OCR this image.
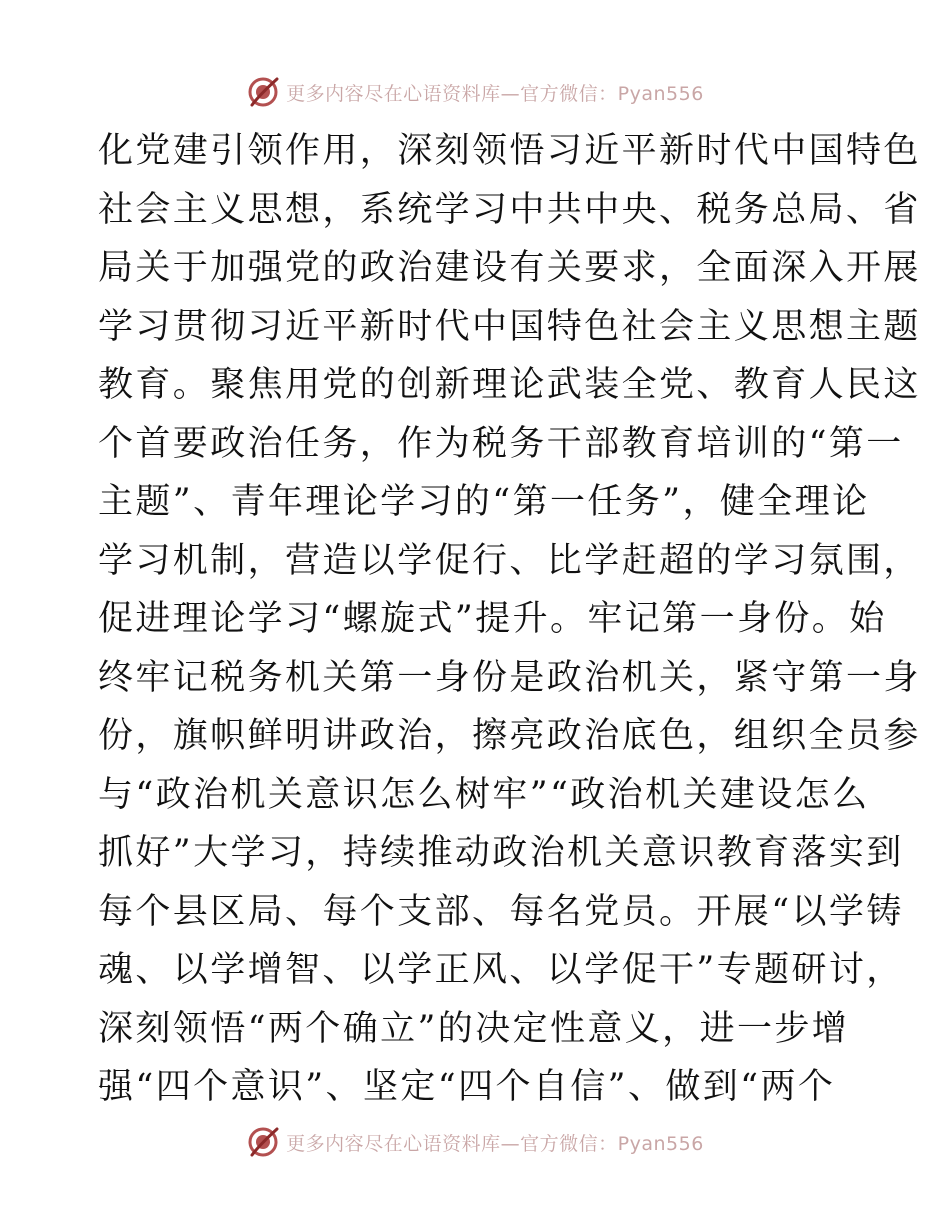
更多内容尽在心语资料库—官方微信：Pyan556
化党建引领作用，深刻领悟习近平新时代中国特色
社会主义思想，系统学习中共中央、税务总局、省
局关于加强党的政治建设有关要求，全面深入开展
学习贯彻习近平新时代中国特色社会主义思想主题
教育。聚焦用党的创新理论武装全党、教育人民这
个首要政治任务，作为税务干部教育培训的“第一
主题”、青年理论学习的“第一任务”，健全理论
学习机制，营造以学促行、比学赶超的学习氛围，
促进理论学习“螺旋式”提升。牢记第一身份。始
终牢记税务机关第一身份是政治机关，紧守第一身
份，旗帜鲜明讲政治，擦亮政治底色，组织全员参
与“政治机关意识怎么树牢”“政治机关建设怎么
抓好”大学习，持续推动政治机关意识教育落实到
每个县区局、每个支部、每名党员。开展“以学铸
魂、以学增智、以学正风、以学促干”专题研讨，
深刻领悟“两个确立”的决定性意义，进一步增
强“四个意识”、坚定“四个自信”、做到“两个
更多内容尽在心语资料库—官方微信：Pyan556
